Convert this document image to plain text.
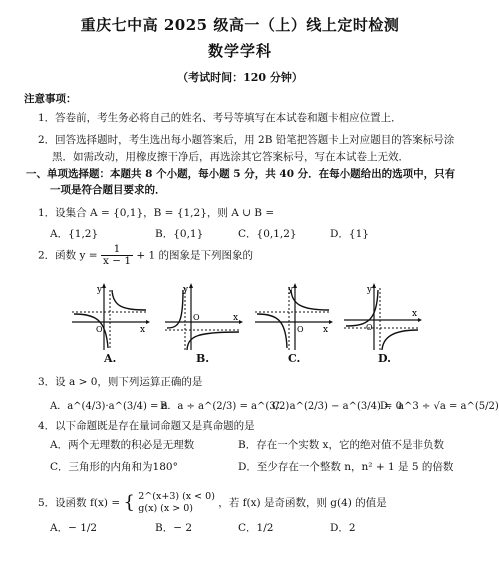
重庆七中高 2025 级高一（上）线上定时检测
数学学科
（考试时间：120 分钟）
注意事项：
1．答卷前，考生务必将自己的姓名、考号等填写在本试卷和题卡相应位置上．
2．回答选择题时，考生选出每小题答案后，用 2B 铅笔把答题卡上对应题目的答案标号涂
黑．如需改动，用橡皮擦干净后，再选涂其它答案标号，写在本试卷上无效．
一、单项选择题：本题共 8 个小题，每小题 5 分，共 40 分．在每小题给出的选项中，只有
一项是符合题目要求的．
1．设集合 A = {0,1}，B = {1,2}，则 A ∪ B =
A．{1,2}	B．{0,1}	C．{0,1,2}	D．{1}
2．函数 $y = \frac{1}{x - 1} + 1$ 的图象是下列图象的
y
x
O
y
x
O
y
x
O
y
x
O
A.	B.	C.	D.
3．设 a > 0，则下列运算正确的是
A．a^(4/3)·a^(3/4) = a
B．a ÷ a^(2/3) = a^(3/2)
C．a^(2/3) − a^(3/4) = 0
D．a^3 ÷ √a = a^(5/2)
4．以下命题既是存在量词命题又是真命题的是
A．两个无理数的积必是无理数	B．存在一个实数 x，它的绝对值不是非负数
C．三角形的内角和为180°	D．至少存在一个整数 n，n² + 1 是 5 的倍数
5．设函数 f(x) = { 2^(x+3) (x < 0)
g(x) (x > 0)	，若 f(x) 是奇函数，则 g(4) 的值是
A．− 1/2	B．− 2	C．1/2	D．2
